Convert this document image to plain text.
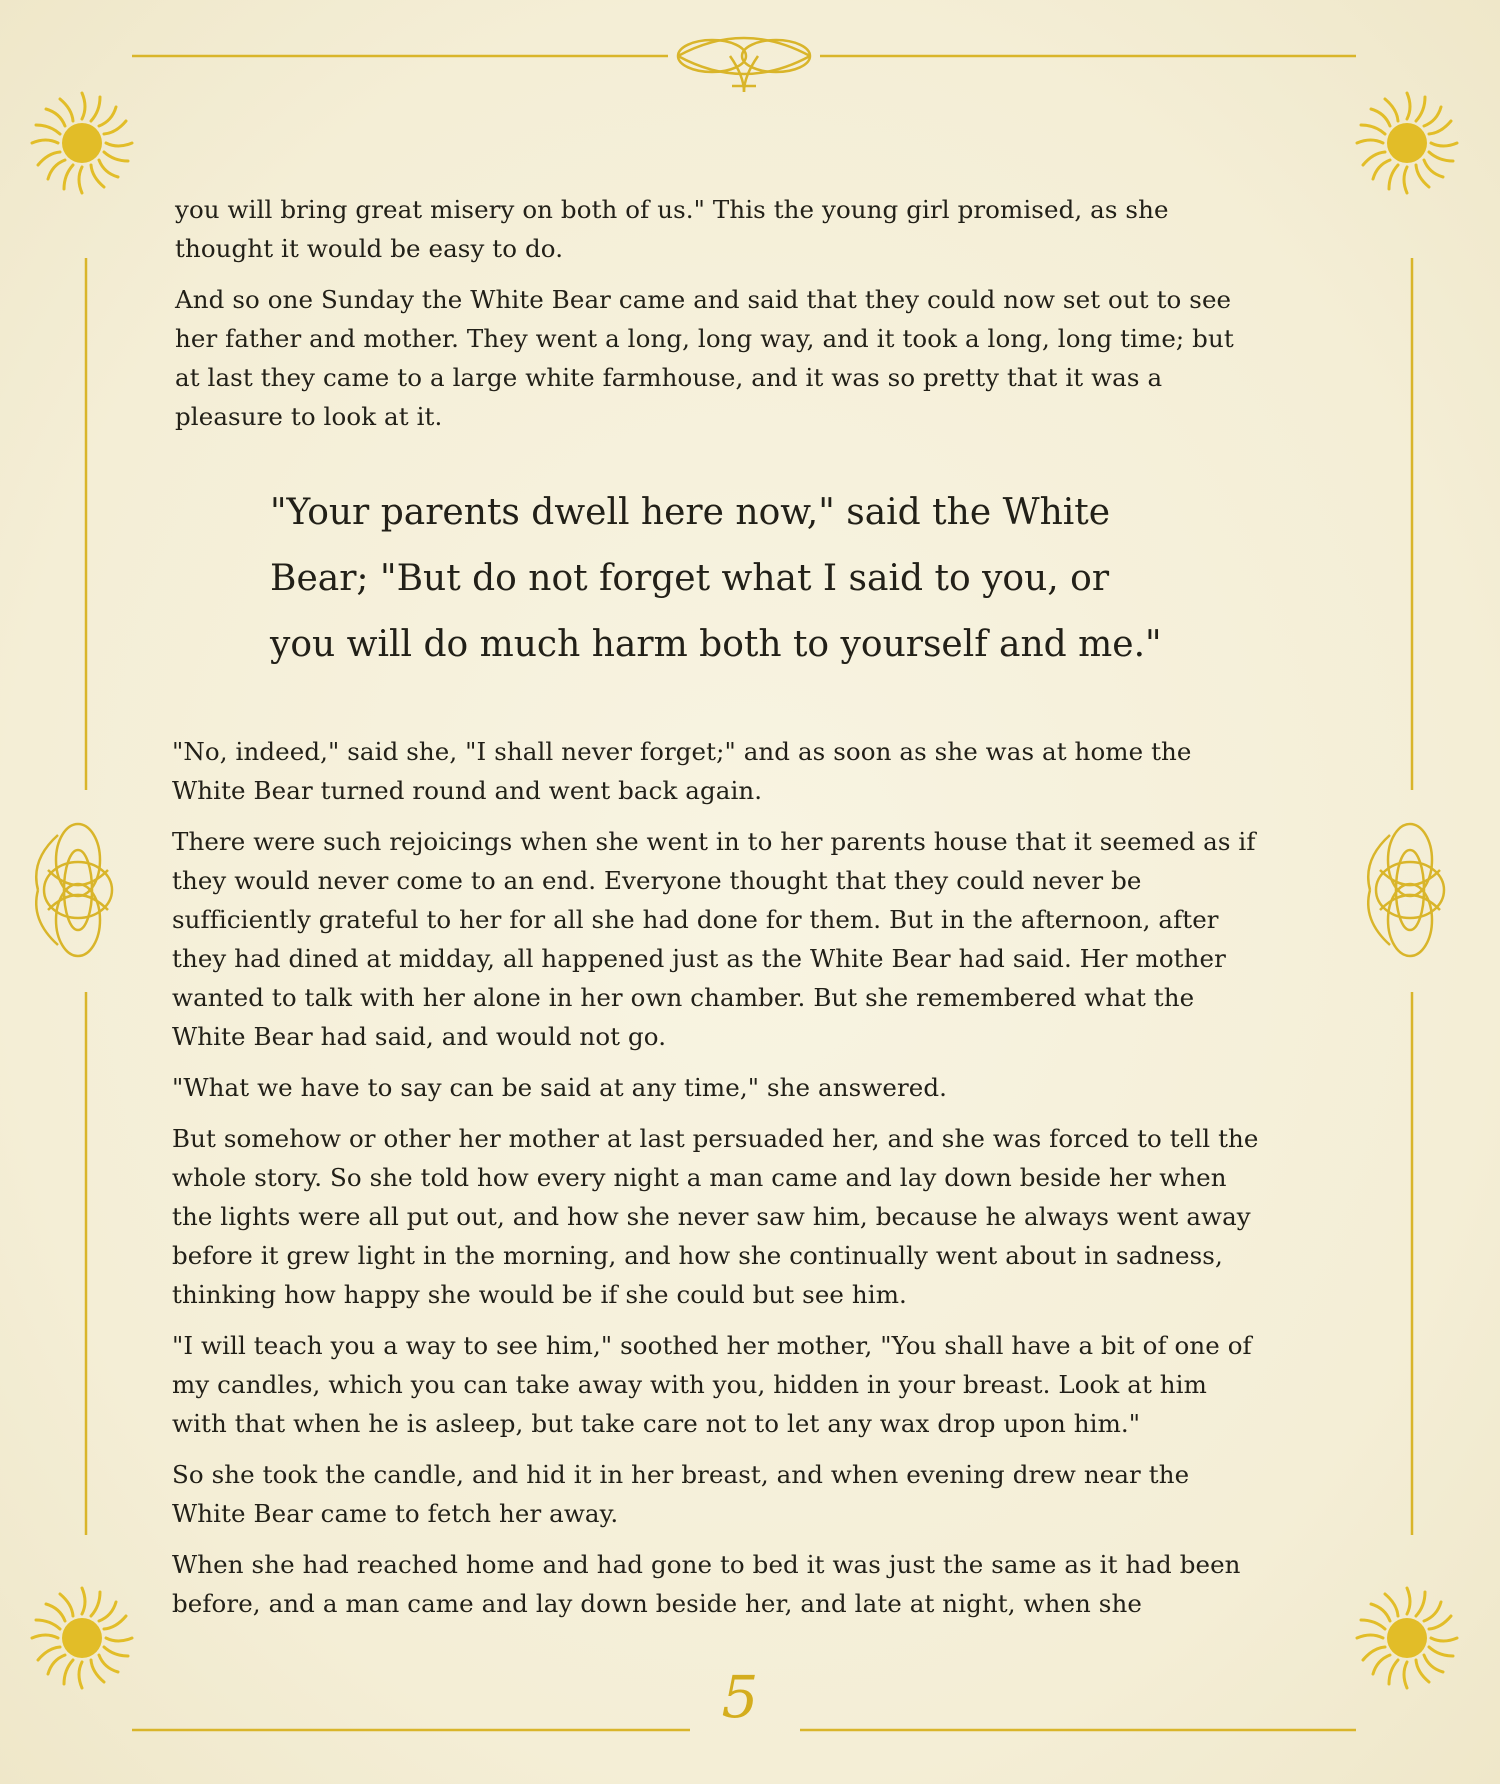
you will bring great misery on both of us." This the young girl promised, as she thought it would be easy to do.

And so one Sunday the White Bear came and said that they could now set out to see her father and mother. They went a long, long way, and it took a long, long time; but at last they came to a large white farmhouse, and it was so pretty that it was a pleasure to look at it.

"Your parents dwell here now," said the White Bear; "But do not forget what I said to you, or you will do much harm both to yourself and me."

"No, indeed," said she, "I shall never forget;" and as soon as she was at home the White Bear turned round and went back again.

There were such rejoicings when she went in to her parents house that it seemed as if they would never come to an end. Everyone thought that they could never be sufficiently grateful to her for all she had done for them. But in the afternoon, after they had dined at midday, all happened just as the White Bear had said. Her mother wanted to talk with her alone in her own chamber. But she remembered what the White Bear had said, and would not go.

"What we have to say can be said at any time," she answered.

But somehow or other her mother at last persuaded her, and she was forced to tell the whole story. So she told how every night a man came and lay down beside her when the lights were all put out, and how she never saw him, because he always went away before it grew light in the morning, and how she continually went about in sadness, thinking how happy she would be if she could but see him.

"I will teach you a way to see him," soothed her mother, "You shall have a bit of one of my candles, which you can take away with you, hidden in your breast. Look at him with that when he is asleep, but take care not to let any wax drop upon him."

So she took the candle, and hid it in her breast, and when evening drew near the White Bear came to fetch her away.

When she had reached home and had gone to bed it was just the same as it had been before, and a man came and lay down beside her, and late at night, when she

5
